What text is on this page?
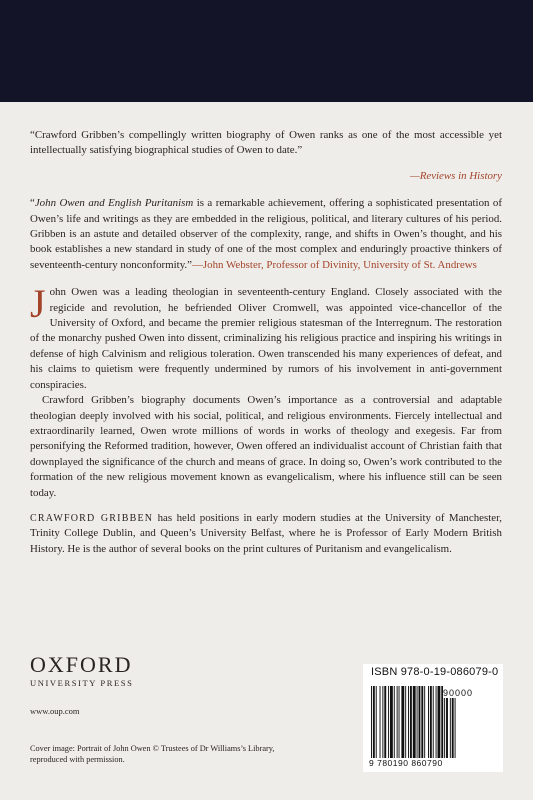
“Crawford Gribben’s compellingly written biography of Owen ranks as one of the most accessible yet intellectually satisfying biographical studies of Owen to date.”

—Reviews in History

“John Owen and English Puritanism is a remarkable achievement, offering a sophisticated presentation of Owen’s life and writings as they are embedded in the religious, political, and literary cultures of his period. Gribben is an astute and detailed observer of the complexity, range, and shifts in Owen’s thought, and his book establishes a new standard in study of one of the most complex and enduringly proactive thinkers of seventeenth-century nonconformity.”—John Webster, Professor of Divinity, University of St. Andrews

John Owen was a leading theologian in seventeenth-century England. Closely associated with the regicide and revolution, he befriended Oliver Cromwell, was appointed vice-chancellor of the University of Oxford, and became the premier religious statesman of the Interregnum. The restoration of the monarchy pushed Owen into dissent, criminalizing his religious practice and inspiring his writings in defense of high Calvinism and religious toleration. Owen transcended his many experiences of defeat, and his claims to quietism were frequently undermined by rumors of his involvement in anti-government conspiracies.

Crawford Gribben’s biography documents Owen’s importance as a controversial and adaptable theologian deeply involved with his social, political, and religious environments. Fiercely intellectual and extraordinarily learned, Owen wrote millions of words in works of theology and exegesis. Far from personifying the Reformed tradition, however, Owen offered an individualist account of Christian faith that downplayed the significance of the church and means of grace. In doing so, Owen’s work contributed to the formation of the new religious movement known as evangelicalism, where his influence still can be seen today.

CRAWFORD GRIBBEN has held positions in early modern studies at the University of Manchester, Trinity College Dublin, and Queen’s University Belfast, where he is Professor of Early Modern British History. He is the author of several books on the print cultures of Puritanism and evangelicalism.

OXFORD
UNIVERSITY PRESS
www.oup.com
Cover image: Portrait of John Owen © Trustees of Dr Williams’s Library, reproduced with permission.
ISBN 978-0-19-086079-0
90000
9 780190 860790
